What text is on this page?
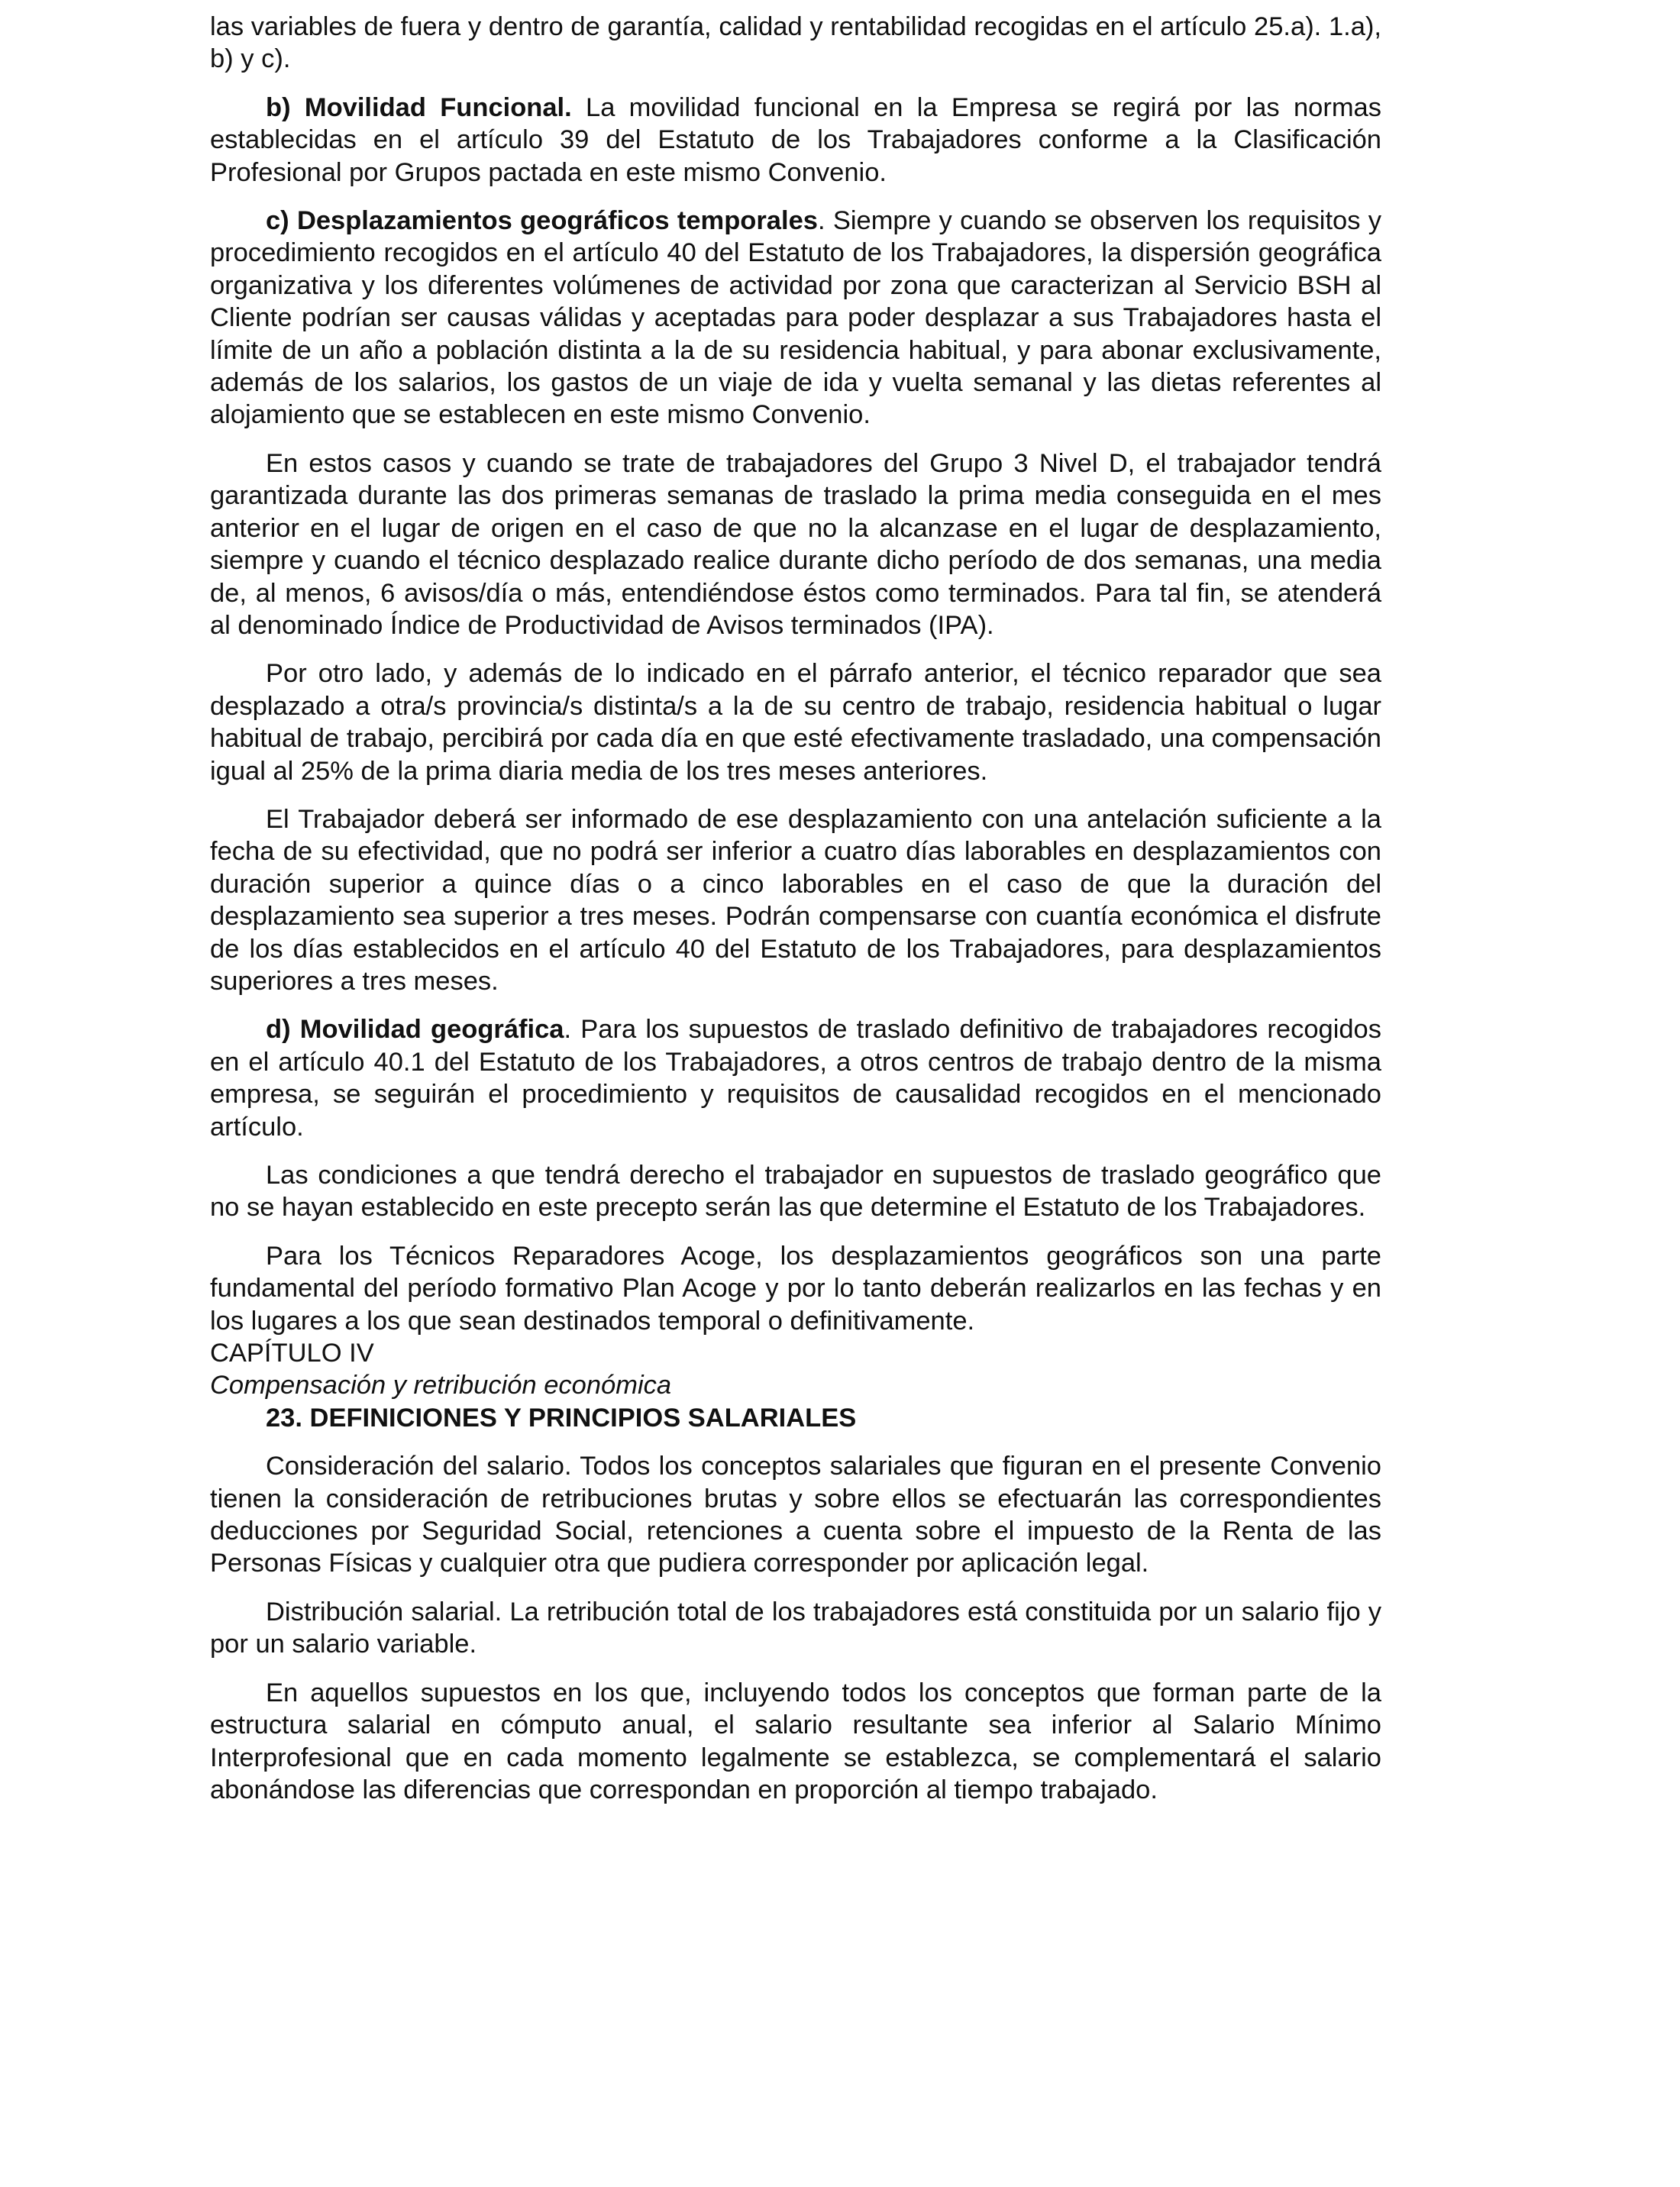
las variables de fuera y dentro de garantía, calidad y rentabilidad recogidas en el artículo 25.a). 1.a), b) y c).

b) Movilidad Funcional. La movilidad funcional en la Empresa se regirá por las normas establecidas en el artículo 39 del Estatuto de los Trabajadores conforme a la Clasificación Profesional por Grupos pactada en este mismo Convenio.

c) Desplazamientos geográficos temporales. Siempre y cuando se observen los requisitos y procedimiento recogidos en el artículo 40 del Estatuto de los Trabajadores, la dispersión geográfica organizativa y los diferentes volúmenes de actividad por zona que caracterizan al Servicio BSH al Cliente podrían ser causas válidas y aceptadas para poder desplazar a sus Trabajadores hasta el límite de un año a población distinta a la de su residencia habitual, y para abonar exclusivamente, además de los salarios, los gastos de un viaje de ida y vuelta semanal y las dietas referentes al alojamiento que se establecen en este mismo Convenio.

En estos casos y cuando se trate de trabajadores del Grupo 3 Nivel D, el trabajador tendrá garantizada durante las dos primeras semanas de traslado la prima media conseguida en el mes anterior en el lugar de origen en el caso de que no la alcanzase en el lugar de desplazamiento, siempre y cuando el técnico desplazado realice durante dicho período de dos semanas, una media de, al menos, 6 avisos/día o más, entendiéndose éstos como terminados. Para tal fin, se atenderá al denominado Índice de Productividad de Avisos terminados (IPA).

Por otro lado, y además de lo indicado en el párrafo anterior, el técnico reparador que sea desplazado a otra/s provincia/s distinta/s a la de su centro de trabajo, residencia habitual o lugar habitual de trabajo, percibirá por cada día en que esté efectivamente trasladado, una compensación igual al 25% de la prima diaria media de los tres meses anteriores.

El Trabajador deberá ser informado de ese desplazamiento con una antelación suficiente a la fecha de su efectividad, que no podrá ser inferior a cuatro días laborables en desplazamientos con duración superior a quince días o a cinco laborables en el caso de que la duración del desplazamiento sea superior a tres meses. Podrán compensarse con cuantía económica el disfrute de los días establecidos en el artículo 40 del Estatuto de los Trabajadores, para desplazamientos superiores a tres meses.

d) Movilidad geográfica. Para los supuestos de traslado definitivo de trabajadores recogidos en el artículo 40.1 del Estatuto de los Trabajadores, a otros centros de trabajo dentro de la misma empresa, se seguirán el procedimiento y requisitos de causalidad recogidos en el mencionado artículo.

Las condiciones a que tendrá derecho el trabajador en supuestos de traslado geográfico que no se hayan establecido en este precepto serán las que determine el Estatuto de los Trabajadores.

Para los Técnicos Reparadores Acoge, los desplazamientos geográficos son una parte fundamental del período formativo Plan Acoge y por lo tanto deberán realizarlos en las fechas y en los lugares a los que sean destinados temporal o definitivamente.

CAPÍTULO IV

Compensación y retribución económica

23. DEFINICIONES Y PRINCIPIOS SALARIALES

Consideración del salario. Todos los conceptos salariales que figuran en el presente Convenio tienen la consideración de retribuciones brutas y sobre ellos se efectuarán las correspondientes deducciones por Seguridad Social, retenciones a cuenta sobre el impuesto de la Renta de las Personas Físicas y cualquier otra que pudiera corresponder por aplicación legal.

Distribución salarial. La retribución total de los trabajadores está constituida por un salario fijo y por un salario variable.

En aquellos supuestos en los que, incluyendo todos los conceptos que forman parte de la estructura salarial en cómputo anual, el salario resultante sea inferior al Salario Mínimo Interprofesional que en cada momento legalmente se establezca, se complementará el salario abonándose las diferencias que correspondan en proporción al tiempo trabajado.
